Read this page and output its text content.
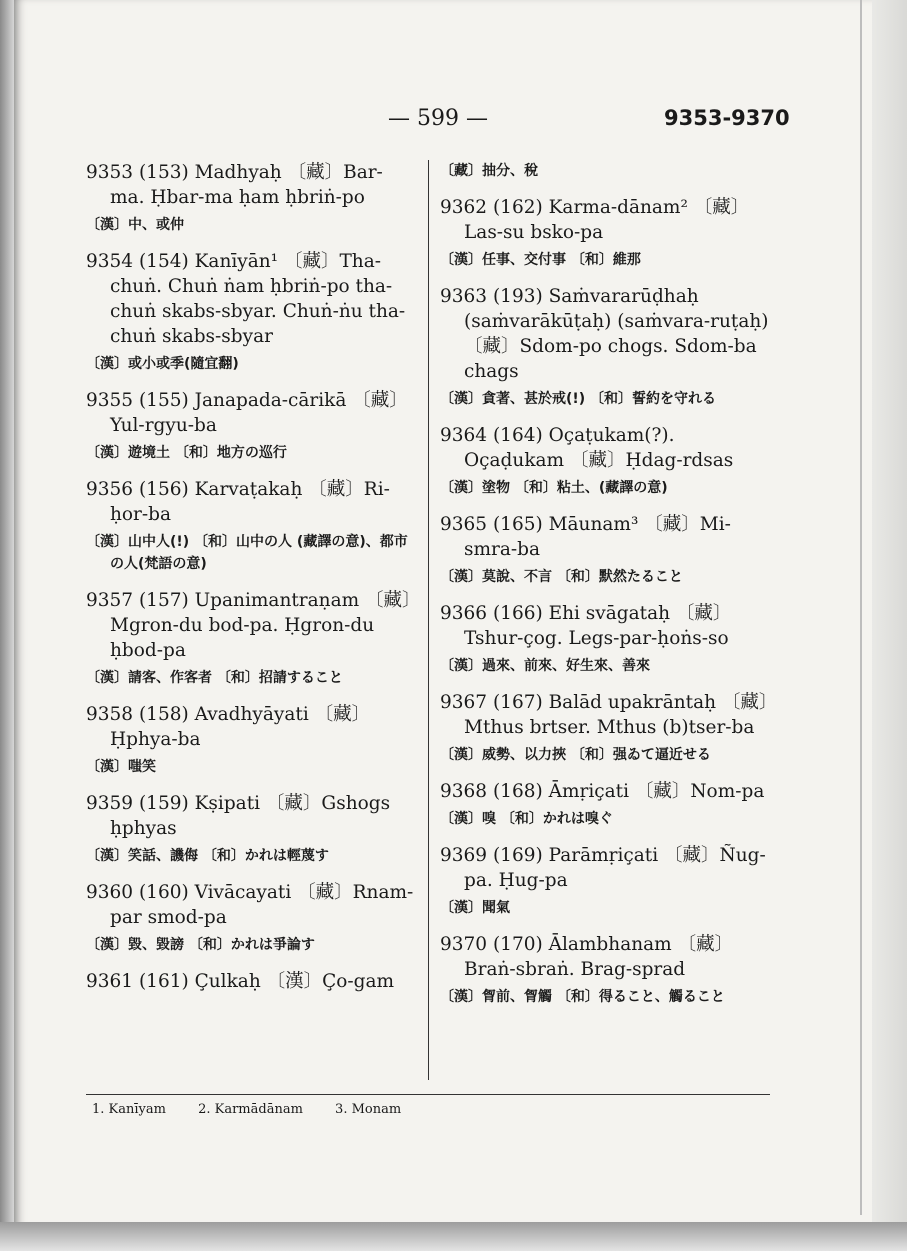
— 599 —	9353-9370
9353 (153) Madhyaḥ 〔藏〕Bar-ma. Ḥbar-ma ḥam ḥbriṅ-po
〔漢〕中、或仲
9354 (154) Kanīyān¹ 〔藏〕Tha-chuṅ. Chuṅ ṅam ḥbriṅ-po tha-chuṅ skabs-sbyar. Chuṅ-ṅu tha-chuṅ skabs-sbyar
〔漢〕或小或季(隨宜翻)
9355 (155) Janapada-cārikā 〔藏〕Yul-rgyu-ba
〔漢〕遊境土 〔和〕地方の巡行
9356 (156) Karvaṭakaḥ 〔藏〕Ri-ḥor-ba
〔漢〕山中人(!) 〔和〕山中の人 (藏譯の意)、都市の人(梵語の意)
9357 (157) Upanimantraṇam 〔藏〕Mgron-du bod-pa. Ḥgron-du ḥbod-pa
〔漢〕請客、作客者 〔和〕招請すること
9358 (158) Avadhyāyati 〔藏〕Ḥphya-ba
〔漢〕嗤笑
9359 (159) Kṣipati 〔藏〕Gshogs ḥphyas
〔漢〕笑話、譏侮 〔和〕かれは輕蔑す
9360 (160) Vivācayati 〔藏〕Rnam-par smod-pa
〔漢〕毀、毀謗 〔和〕かれは爭論す
9361 (161) Çulkaḥ 〔漢〕Ço-gam
〔藏〕抽分、稅
9362 (162) Karma-dānam² 〔藏〕Las-su bsko-pa
〔漢〕任事、交付事 〔和〕維那
9363 (193) Saṁvararūḍhaḥ (saṁvarākūṭaḥ) (saṁvara-ruṭaḥ) 〔藏〕Sdom-po chogs. Sdom-ba chags
〔漢〕貪著、甚於戒(!) 〔和〕誓約を守れる
9364 (164) Oçaṭukam(?). Oçaḍukam 〔藏〕Ḥdag-rdsas
〔漢〕塗物 〔和〕粘土、(藏譯の意)
9365 (165) Māunam³ 〔藏〕Mi-smra-ba
〔漢〕莫說、不言 〔和〕默然たること
9366 (166) Ehi svāgataḥ 〔藏〕Tshur-çog. Legs-par-ḥoṅs-so
〔漢〕過來、前來、好生來、善來
9367 (167) Balād upakrāntaḥ 〔藏〕Mthus brtser. Mthus (b)tser-ba
〔漢〕威勢、以力挾 〔和〕强ゐて逼近せる
9368 (168) Āmṛiçati 〔藏〕Nom-pa
〔漢〕嗅 〔和〕かれは嗅ぐ
9369 (169) Parāmṛiçati 〔藏〕Ñug-pa. Ḥug-pa
〔漢〕聞氣
9370 (170) Ālambhanam 〔藏〕Braṅ-sbraṅ. Brag-sprad
〔漢〕胷前、胷觸 〔和〕得ること、觸ること
1. Kanīyam 2. Karmādānam 3. Monam
